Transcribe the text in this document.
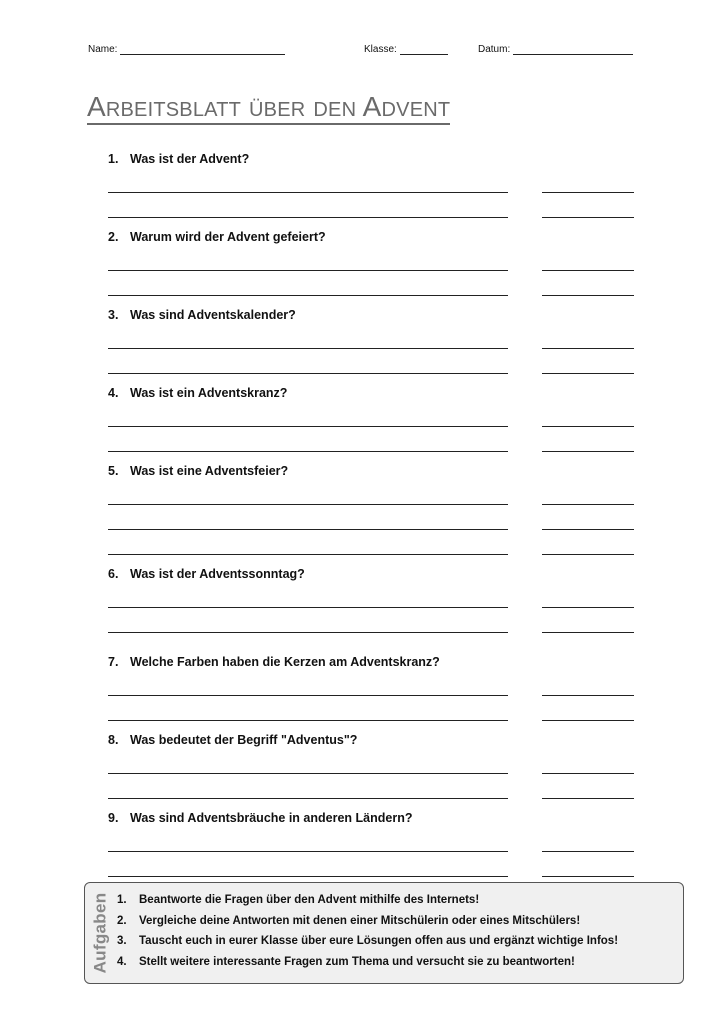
Name:	Klasse:	Datum:
Arbeitsblatt über den Advent
1. Was ist der Advent?
2. Warum wird der Advent gefeiert?
3. Was sind Adventskalender?
4. Was ist ein Adventskranz?
5. Was ist eine Adventsfeier?
6. Was ist der Adventssonntag?
7. Welche Farben haben die Kerzen am Adventskranz?
8. Was bedeutet der Begriff "Adventus"?
9. Was sind Adventsbräuche in anderen Ländern?
Aufgaben 1. Beantworte die Fragen über den Advent mithilfe des Internets!
2. Vergleiche deine Antworten mit denen einer Mitschülerin oder eines Mitschülers!
3. Tauscht euch in eurer Klasse über eure Lösungen offen aus und ergänzt wichtige Infos!
4. Stellt weitere interessante Fragen zum Thema und versucht sie zu beantworten!
